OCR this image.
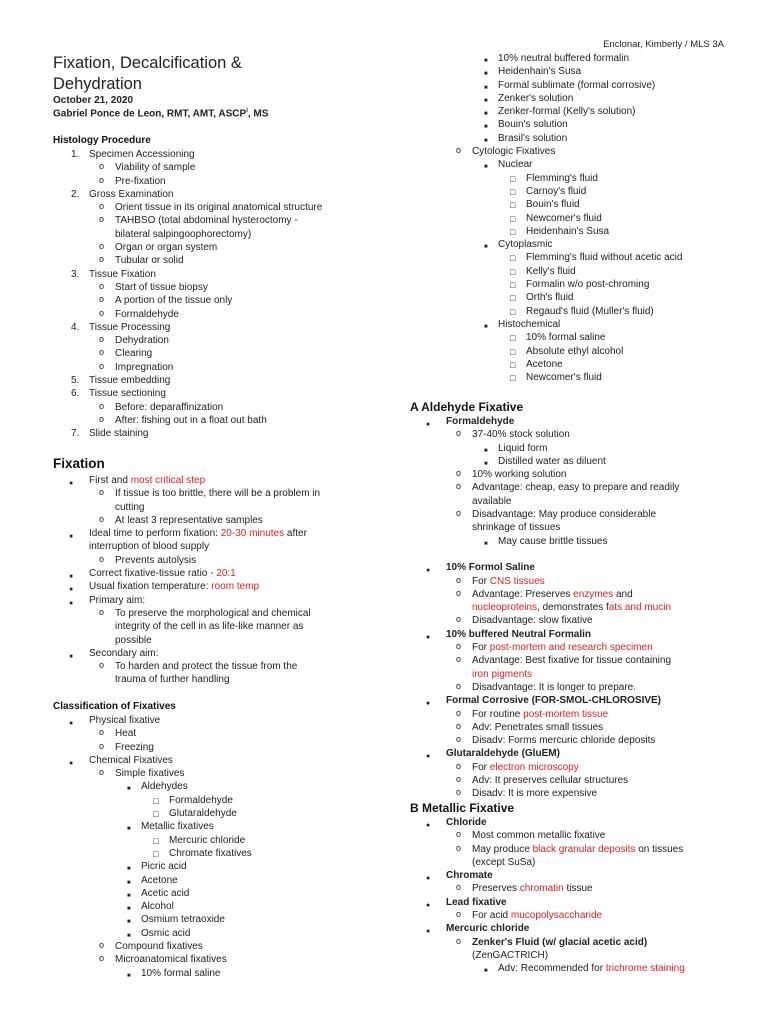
Enclonar, Kimberly / MLS 3A
Fixation, Decalcification &
Dehydration
October 21, 2020
Gabriel Ponce de Leon, RMT, AMT, ASCP$^i$, MS
Histology Procedure
1. Specimen Accessioning
o Viability of sample
o Pre-fixation
2. Gross Examination
o Orient tissue in its original anatomical structure
o TAHBSO (total abdominal hysteroctomy -
bilateral salpingoophorectomy)
o Organ or organ system
o Tubular or solid
3. Tissue Fixation
o Start of tissue biopsy
o A portion of the tissue only
o Formaldehyde
4. Tissue Processing
o Dehydration
o Clearing
o Impregnation
5. Tissue embedding
6. Tissue sectioning
o Before: deparaffinization
o After: fishing out in a float out bath
7. Slide staining
Fixation
● First and most critical step
o If tissue is too brittle, there will be a problem in
cutting
o At least 3 representative samples
● Ideal time to perform fixation: 20-30 minutes after
interruption of blood supply
o Prevents autolysis
● Correct fixative-tissue ratio - 20:1
● Usual fixation temperature: room temp
● Primary aim:
o To preserve the morphological and chemical
integrity of the cell in as life-like manner as
possible
● Secondary aim:
o To harden and protect the tissue from the
trauma of further handling
Classification of Fixatives
● Physical fixative
o Heat
o Freezing
● Chemical Fixatives
o Simple fixatives
■ Aldehydes
□ Formaldehyde
□ Glutaraldehyde
■ Metallic fixatives
□ Mercuric chloride
□ Chromate fixatives
■ Picric acid
■ Acetone
■ Acetic acid
■ Alcohol
■ Osmium tetraoxide
■ Osmic acid
o Compound fixatives
o Microanatomical fixatives
■ 10% formal saline
■ 10% neutral buffered formalin
■ Heidenhain's Susa
■ Formal sublimate (formal corrosive)
■ Zenker's solution
■ Zenker-formal (Kelly's solution)
■ Bouin's solution
■ Brasil's solution
o Cytologic Fixatives
■ Nuclear
□ Flemming's fluid
□ Carnoy's fluid
□ Bouin's fluid
□ Newcomer's fluid
□ Heidenhain's Susa
■ Cytoplasmic
□ Flemming's fluid without acetic acid
□ Kelly's fluid
□ Formalin w/o post-chroming
□ Orth's fluid
□ Regaud's fluid (Muller's fluid)
■ Histochemical
□ 10% formal saline
□ Absolute ethyl alcohol
□ Acetone
□ Newcomer's fluid
A Aldehyde Fixative
● Formaldehyde
o 37-40% stock solution
■ Liquid form
■ Distilled water as diluent
o 10% working solution
o Advantage: cheap, easy to prepare and readily
available
o Disadvantage: May produce considerable
shrinkage of tissues
■ May cause brittle tissues

● 10% Formol Saline
o For CNS tissues
o Advantage: Preserves enzymes and
nucleoproteins, demonstrates fats and mucin
o Disadvantage: slow fixative
● 10% buffered Neutral Formalin
o For post-mortem and research specimen
o Advantage: Best fixative for tissue containing
iron pigments
o Disadvantage: It is longer to prepare.
● Formal Corrosive (FOR-SMOL-CHLOROSIVE)
o For routine post-mortem tissue
o Adv: Penetrates small tissues
o Disadv: Forms mercuric chloride deposits
● Glutaraldehyde (GluEM)
o For electron microscopy
o Adv: It preserves cellular structures
o Disadv: It is more expensive
B Metallic Fixative
● Chloride
o Most common metallic fixative
o May produce black granular deposits on tissues
(except SuSa)
● Chromate
o Preserves chromatin tissue
● Lead fixative
o For acid mucopolysaccharide
● Mercuric chloride
o Zenker's Fluid (w/ glacial acetic acid)
(ZenGACTRICH)
■ Adv: Recommended for trichrome staining
